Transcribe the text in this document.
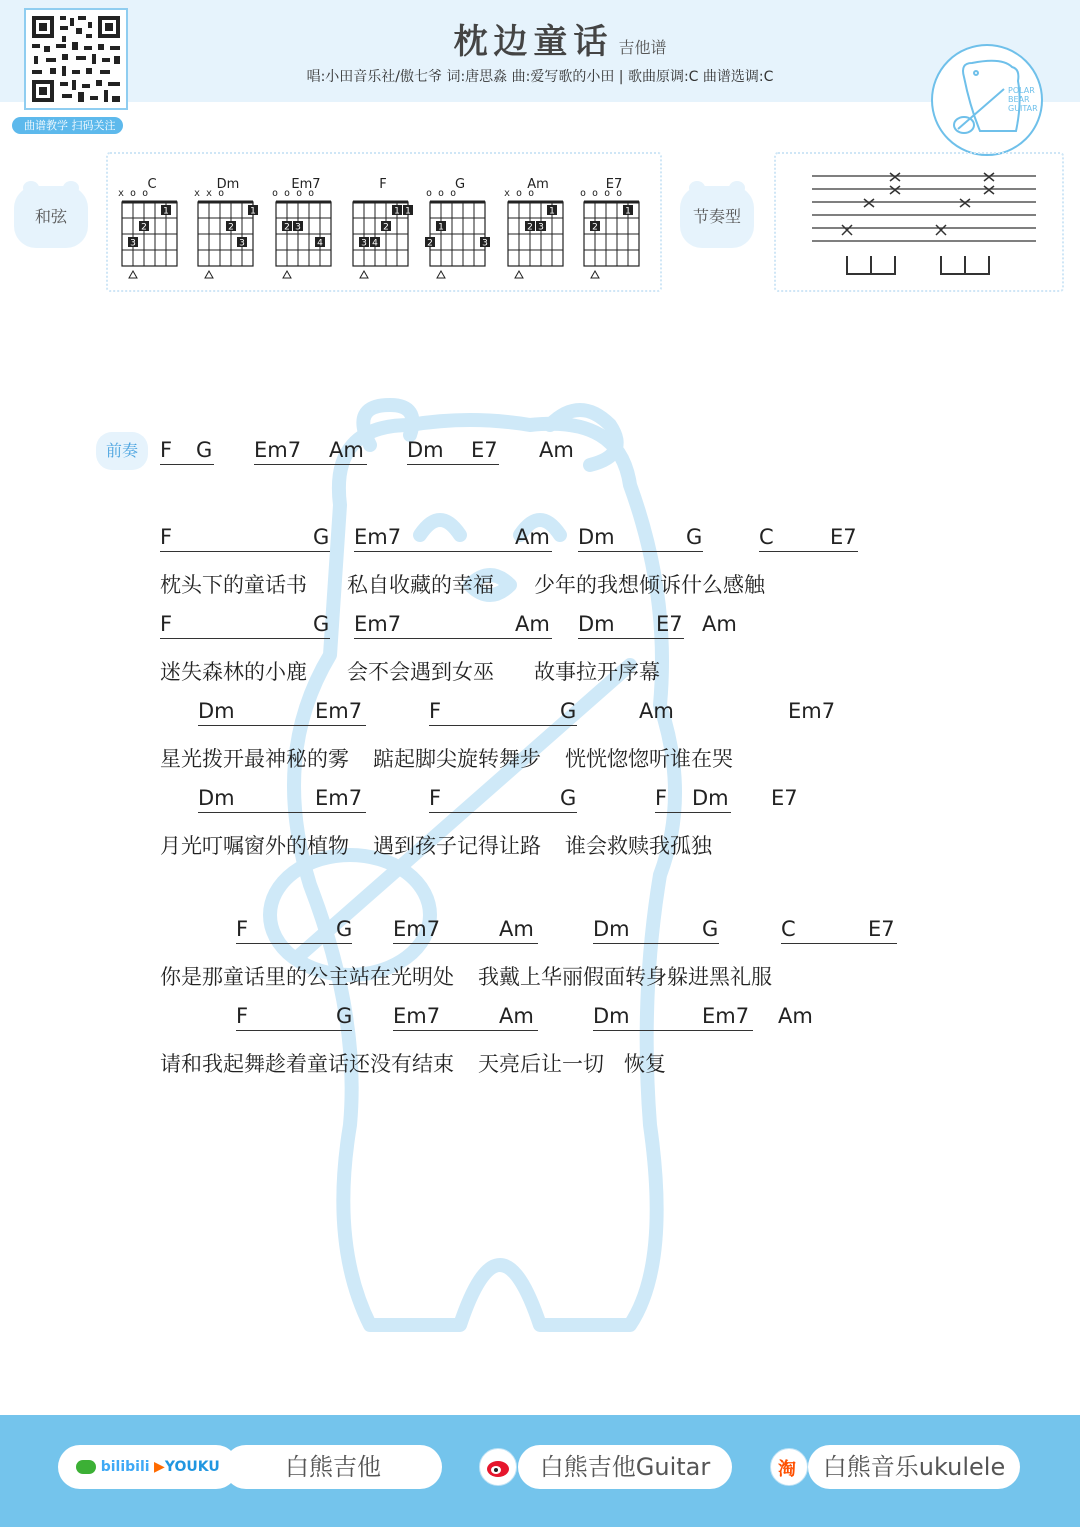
曲谱教学 扫码关注
枕边童话 吉他谱
唱:小田音乐社/傲七爷 词:唐思淼 曲:爱写歌的小田 | 歌曲原调:C 曲谱选调:C
POLAR
BEAR
GUITAR
和弦
C
x o o
1
2
3
Dm
x x o
1
2
3
Em7
o o o o
2 3
4
F
1 1
2
3 4
G
o o o
1
2	3
Am
x o o
1
2 3
E7
o o o o
1
2
节奏型
前奏	F G Em7 Am Dm E7 Am
F	G Em7	Am Dm	G	C	E7
枕头下的童话书 私自收藏的幸福 少年的我想倾诉什么感触
F	G Em7	Am Dm E7 Am
迷失森林的小鹿 会不会遇到女巫 故事拉开序幕
Dm	Em7	F	G	Am	Em7
星光拨开最神秘的雾 踮起脚尖旋转舞步 恍恍惚惚听谁在哭
Dm	Em7	F	G	F Dm E7
月光叮嘱窗外的植物 遇到孩子记得让路 谁会救赎我孤独
F	G Em7	Am	Dm	G	C	E7
你是那童话里的公主站在光明处 我戴上华丽假面转身躲进黑礼服
F	G Em7	Am	Dm	Em7 Am
请和我起舞趁着童话还没有结束 天亮后让一切 恢复
bilibili ▶YOUKU	白熊吉他	白熊吉他Guitar	淘	白熊音乐ukulele
